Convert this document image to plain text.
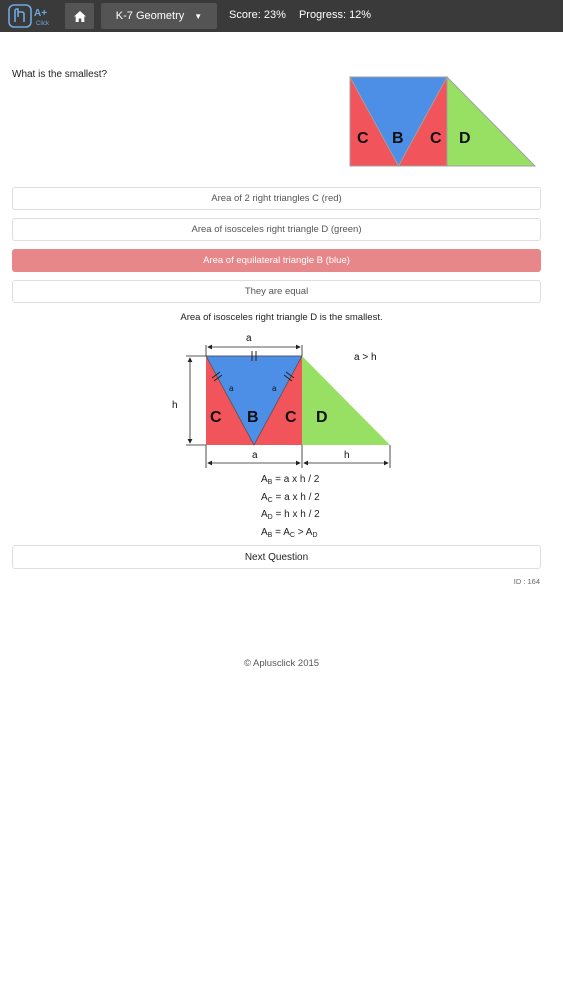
A+
Click
K-7 Geometry ▼ Score: 23% Progress: 12%
What is the smallest?
C B C D
Area of 2 right triangles C (red)
Area of isosceles right triangle D (green)
Area of equilateral triangle B (blue)
They are equal
Area of isosceles right triangle D is the smallest.
a
a
h
h
a	a
a > h
C B C D
$A_B = a$ x h / 2
$A_C = a$ x h / 2
$A_D = h$ x h / 2
$A_B = A_C > A_D$
Next Question
ID : 164
© Aplusclick 2015
